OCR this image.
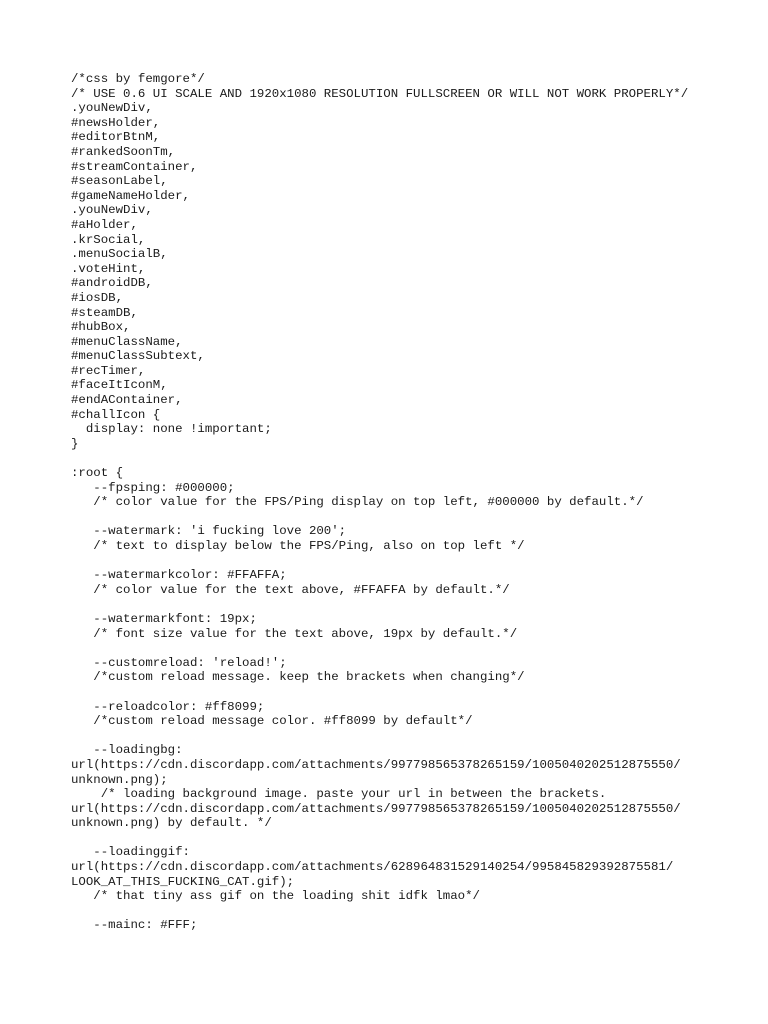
/*css by femgore*/
/* USE 0.6 UI SCALE AND 1920x1080 RESOLUTION FULLSCREEN OR WILL NOT WORK PROPERLY*/
.youNewDiv,
#newsHolder,
#editorBtnM,
#rankedSoonTm,
#streamContainer,
#seasonLabel,
#gameNameHolder,
.youNewDiv,
#aHolder,
.krSocial,
.menuSocialB,
.voteHint,
#androidDB,
#iosDB,
#steamDB,
#hubBox,
#menuClassName,
#menuClassSubtext,
#recTimer,
#faceItIconM,
#endAContainer,
#challIcon {
display: none !important;
}
:root {
--fpsping: #000000;
/* color value for the FPS/Ping display on top left, #000000 by default.*/
--watermark: 'i fucking love 200';
/* text to display below the FPS/Ping, also on top left */
--watermarkcolor: #FFAFFA;
/* color value for the text above, #FFAFFA by default.*/
--watermarkfont: 19px;
/* font size value for the text above, 19px by default.*/
--customreload: 'reload!';
/*custom reload message. keep the brackets when changing*/
--reloadcolor: #ff8099;
/*custom reload message color. #ff8099 by default*/
--loadingbg:
url(https://cdn.discordapp.com/attachments/997798565378265159/1005040202512875550/
unknown.png);
/* loading background image. paste your url in between the brackets.
url(https://cdn.discordapp.com/attachments/997798565378265159/1005040202512875550/
unknown.png) by default. */
--loadinggif:
url(https://cdn.discordapp.com/attachments/628964831529140254/995845829392875581/
LOOK_AT_THIS_FUCKING_CAT.gif);
/* that tiny ass gif on the loading shit idfk lmao*/
--mainc: #FFF;
